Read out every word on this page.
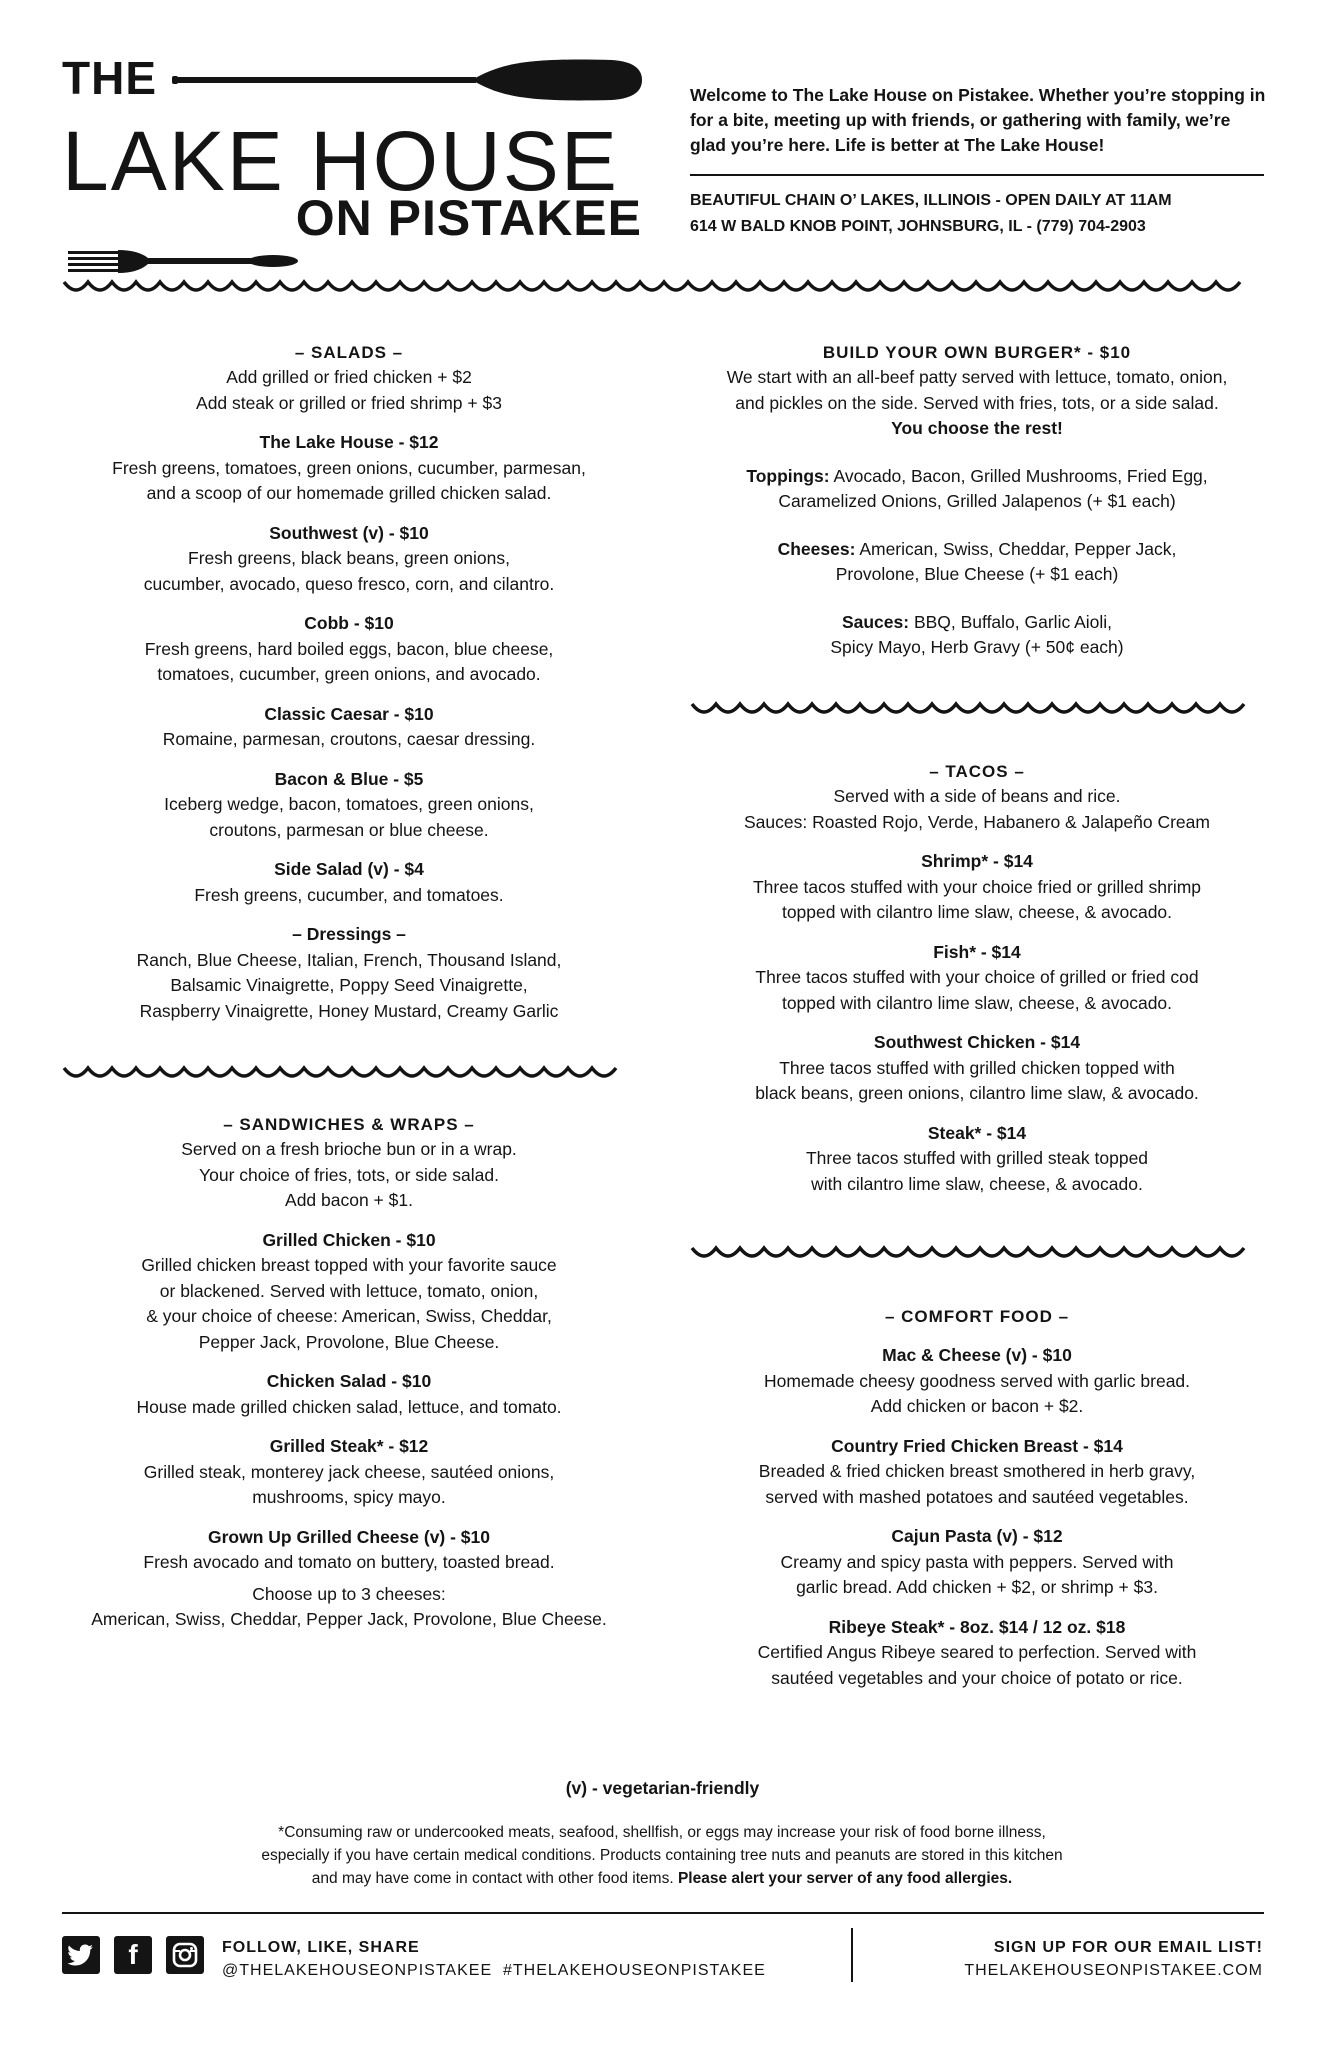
THE
LAKE HOUSE
ON PISTAKEE
Welcome to The Lake House on Pistakee. Whether you’re stopping in for a bite, meeting up with friends, or gathering with family, we’re glad you’re here. Life is better at The Lake House!
BEAUTIFUL CHAIN O’ LAKES, ILLINOIS - OPEN DAILY AT 11AM
614 W BALD KNOB POINT, JOHNSBURG, IL - (779) 704-2903
– SALADS –
Add grilled or fried chicken + $2
Add steak or grilled or fried shrimp + $3
The Lake House - $12
Fresh greens, tomatoes, green onions, cucumber, parmesan,
and a scoop of our homemade grilled chicken salad.
Southwest (v) - $10
Fresh greens, black beans, green onions,
cucumber, avocado, queso fresco, corn, and cilantro.
Cobb - $10
Fresh greens, hard boiled eggs, bacon, blue cheese,
tomatoes, cucumber, green onions, and avocado.
Classic Caesar - $10
Romaine, parmesan, croutons, caesar dressing.
Bacon & Blue - $5
Iceberg wedge, bacon, tomatoes, green onions,
croutons, parmesan or blue cheese.
Side Salad (v) - $4
Fresh greens, cucumber, and tomatoes.
– Dressings –
Ranch, Blue Cheese, Italian, French, Thousand Island,
Balsamic Vinaigrette, Poppy Seed Vinaigrette,
Raspberry Vinaigrette, Honey Mustard, Creamy Garlic
– SANDWICHES & WRAPS –
Served on a fresh brioche bun or in a wrap.
Your choice of fries, tots, or side salad.
Add bacon + $1.
Grilled Chicken - $10
Grilled chicken breast topped with your favorite sauce
or blackened. Served with lettuce, tomato, onion,
& your choice of cheese: American, Swiss, Cheddar,
Pepper Jack, Provolone, Blue Cheese.
Chicken Salad - $10
House made grilled chicken salad, lettuce, and tomato.
Grilled Steak* - $12
Grilled steak, monterey jack cheese, sautéed onions,
mushrooms, spicy mayo.
Grown Up Grilled Cheese (v) - $10
Fresh avocado and tomato on buttery, toasted bread.
Choose up to 3 cheeses:
American, Swiss, Cheddar, Pepper Jack, Provolone, Blue Cheese.
BUILD YOUR OWN BURGER* - $10
We start with an all-beef patty served with lettuce, tomato, onion,
and pickles on the side. Served with fries, tots, or a side salad.
You choose the rest!
Toppings: Avocado, Bacon, Grilled Mushrooms, Fried Egg,
Caramelized Onions, Grilled Jalapenos (+ $1 each)
Cheeses: American, Swiss, Cheddar, Pepper Jack,
Provolone, Blue Cheese (+ $1 each)
Sauces: BBQ, Buffalo, Garlic Aioli,
Spicy Mayo, Herb Gravy (+ 50¢ each)
– TACOS –
Served with a side of beans and rice.
Sauces: Roasted Rojo, Verde, Habanero & Jalapeño Cream
Shrimp* - $14
Three tacos stuffed with your choice fried or grilled shrimp
topped with cilantro lime slaw, cheese, & avocado.
Fish* - $14
Three tacos stuffed with your choice of grilled or fried cod
topped with cilantro lime slaw, cheese, & avocado.
Southwest Chicken - $14
Three tacos stuffed with grilled chicken topped with
black beans, green onions, cilantro lime slaw, & avocado.
Steak* - $14
Three tacos stuffed with grilled steak topped
with cilantro lime slaw, cheese, & avocado.
– COMFORT FOOD –
Mac & Cheese (v) - $10
Homemade cheesy goodness served with garlic bread.
Add chicken or bacon + $2.
Country Fried Chicken Breast - $14
Breaded & fried chicken breast smothered in herb gravy,
served with mashed potatoes and sautéed vegetables.
Cajun Pasta (v) - $12
Creamy and spicy pasta with peppers. Served with
garlic bread. Add chicken + $2, or shrimp + $3.
Ribeye Steak* - 8oz. $14 / 12 oz. $18
Certified Angus Ribeye seared to perfection. Served with
sautéed vegetables and your choice of potato or rice.
(v) - vegetarian-friendly
*Consuming raw or undercooked meats, seafood, shellfish, or eggs may increase your risk of food borne illness,
especially if you have certain medical conditions. Products containing tree nuts and peanuts are stored in this kitchen
and may have come in contact with other food items. Please alert your server of any food allergies.
f	FOLLOW, LIKE, SHARE
@THELAKEHOUSEONPISTAKEE  #THELAKEHOUSEONPISTAKEE
SIGN UP FOR OUR EMAIL LIST!
THELAKEHOUSEONPISTAKEE.COM
